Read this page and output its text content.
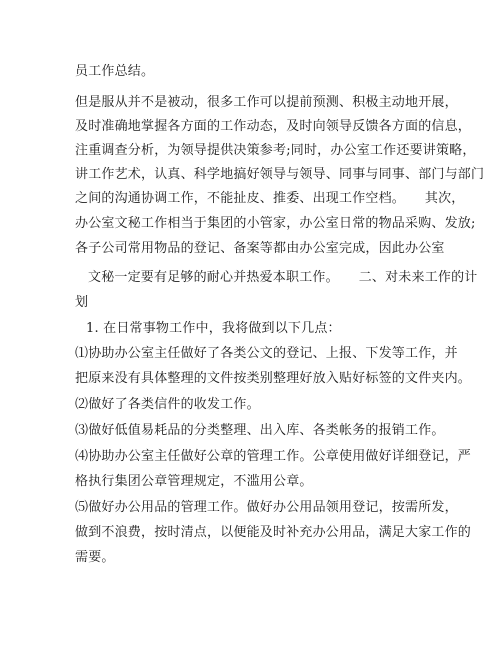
员工作总结。
但是服从并不是被动，很多工作可以提前预测、积极主动地开展，
及时准确地掌握各方面的工作动态，及时向领导反馈各方面的信息，
注重调查分析，为领导提供决策参考;同时，办公室工作还要讲策略，
讲工作艺术，认真、科学地搞好领导与领导、同事与同事、部门与部门
之间的沟通协调工作，不能扯皮、推委、出现工作空档。　　其次，
办公室文秘工作相当于集团的小管家，办公室日常的物品采购、发放;
各子公司常用物品的登记、备案等都由办公室完成，因此办公室
文秘一定要有足够的耐心并热爱本职工作。　　二、对未来工作的计
划
1. 在日常事物工作中，我将做到以下几点：
⑴协助办公室主任做好了各类公文的登记、上报、下发等工作，并
把原来没有具体整理的文件按类别整理好放入贴好标签的文件夹内。
⑵做好了各类信件的收发工作。
⑶做好低值易耗品的分类整理、出入库、各类帐务的报销工作。
⑷协助办公室主任做好公章的管理工作。公章使用做好详细登记，严
格执行集团公章管理规定，不滥用公章。
⑸做好办公用品的管理工作。做好办公用品领用登记，按需所发，
做到不浪费，按时清点，以便能及时补充办公用品，满足大家工作的
需要。
